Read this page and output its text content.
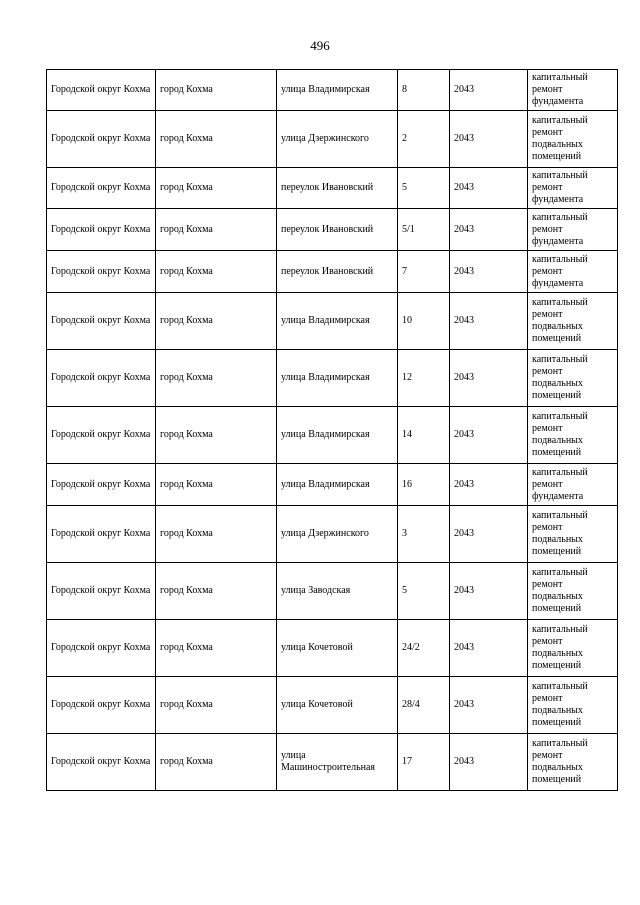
496
Городской округ Кохма	город Кохма	улица Владимирская	8	2043	капитальный ремонт фундамента
Городской округ Кохма	город Кохма	улица Дзержинского	2	2043	капитальный ремонт подвальных помещений
Городской округ Кохма	город Кохма	переулок Ивановский	5	2043	капитальный ремонт фундамента
Городской округ Кохма	город Кохма	переулок Ивановский	5/1	2043	капитальный ремонт фундамента
Городской округ Кохма	город Кохма	переулок Ивановский	7	2043	капитальный ремонт фундамента
Городской округ Кохма	город Кохма	улица Владимирская	10	2043	капитальный ремонт подвальных помещений
Городской округ Кохма	город Кохма	улица Владимирская	12	2043	капитальный ремонт подвальных помещений
Городской округ Кохма	город Кохма	улица Владимирская	14	2043	капитальный ремонт подвальных помещений
Городской округ Кохма	город Кохма	улица Владимирская	16	2043	капитальный ремонт фундамента
Городской округ Кохма	город Кохма	улица Дзержинского	3	2043	капитальный ремонт подвальных помещений
Городской округ Кохма	город Кохма	улица Заводская	5	2043	капитальный ремонт подвальных помещений
Городской округ Кохма	город Кохма	улица Кочетовой	24/2	2043	капитальный ремонт подвальных помещений
Городской округ Кохма	город Кохма	улица Кочетовой	28/4	2043	капитальный ремонт подвальных помещений
Городской округ Кохма	город Кохма	улица Машиностроительная	17	2043	капитальный ремонт подвальных помещений
